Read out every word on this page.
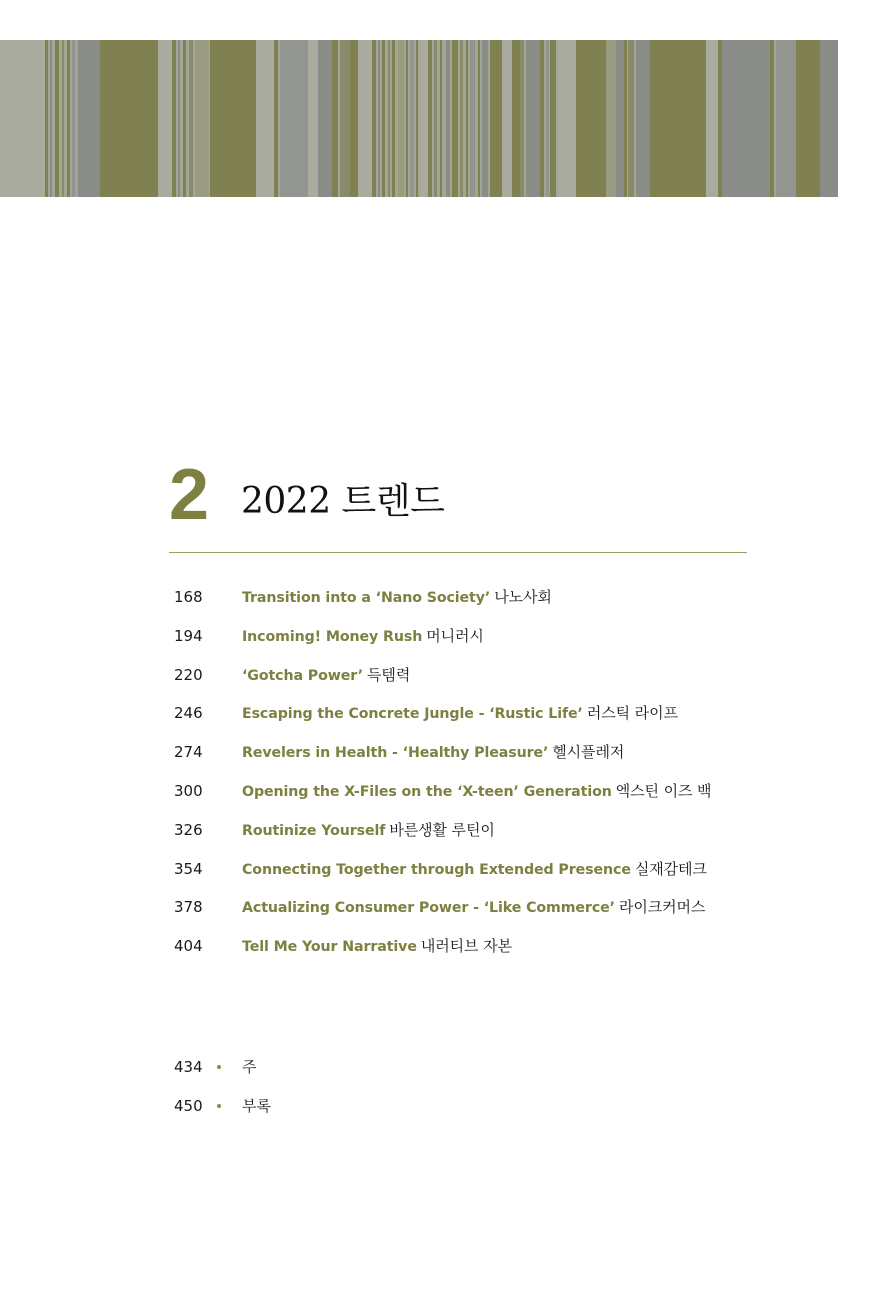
2 2022 트렌드
168	Transition into a ‘Nano Society’ 나노사회
194	Incoming! Money Rush 머니러시
220	‘Gotcha Power’ 득템력
246	Escaping the Concrete Jungle - ‘Rustic Life’ 러스틱 라이프
274	Revelers in Health - ‘Healthy Pleasure’ 헬시플레저
300	Opening the X-Files on the ‘X-teen’ Generation 엑스틴 이즈 백
326	Routinize Yourself 바른생활 루틴이
354	Connecting Together through Extended Presence 실재감테크
378	Actualizing Consumer Power - ‘Like Commerce’ 라이크커머스
404	Tell Me Your Narrative 내러티브 자본
434	주
450	부록
